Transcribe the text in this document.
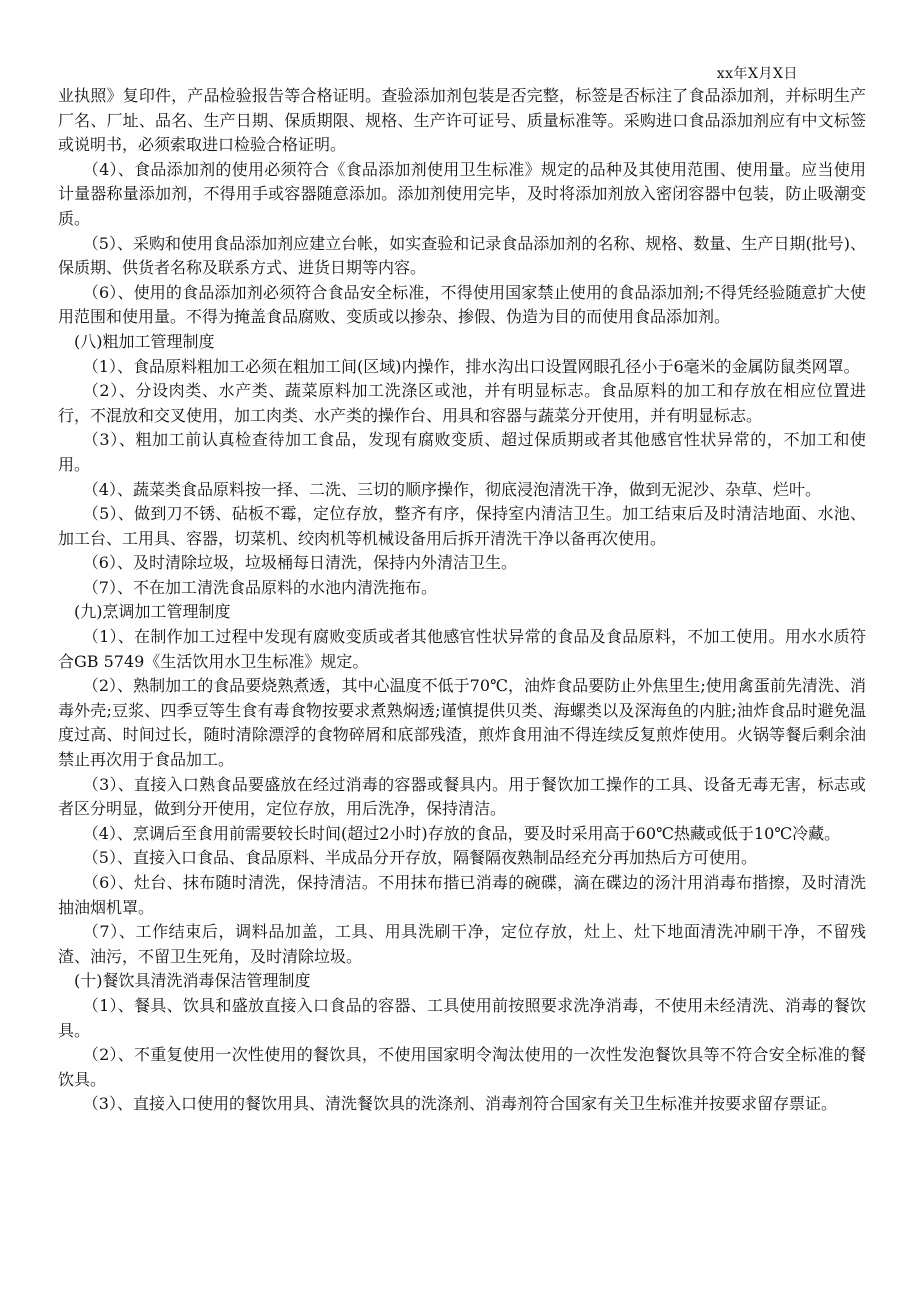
xx年X月X日

业执照》复印件，产品检验报告等合格证明。查验添加剂包装是否完整，标签是否标注了食品添加剂，并标明生产厂名、厂址、品名、生产日期、保质期限、规格、生产许可证号、质量标准等。采购进口食品添加剂应有中文标签或说明书，必须索取进口检验合格证明。

（4）、食品添加剂的使用必须符合《食品添加剂使用卫生标准》规定的品种及其使用范围、使用量。应当使用计量器称量添加剂，不得用手或容器随意添加。添加剂使用完毕，及时将添加剂放入密闭容器中包装，防止吸潮变质。

（5）、采购和使用食品添加剂应建立台帐，如实查验和记录食品添加剂的名称、规格、数量、生产日期(批号)、保质期、供货者名称及联系方式、进货日期等内容。

（6）、使用的食品添加剂必须符合食品安全标准，不得使用国家禁止使用的食品添加剂;不得凭经验随意扩大使用范围和使用量。不得为掩盖食品腐败、变质或以掺杂、掺假、伪造为目的而使用食品添加剂。

(八)粗加工管理制度

（1）、食品原料粗加工必须在粗加工间(区域)内操作，排水沟出口设置网眼孔径小于6毫米的金属防鼠类网罩。

（2）、分设肉类、水产类、蔬菜原料加工洗涤区或池，并有明显标志。食品原料的加工和存放在相应位置进行，不混放和交叉使用，加工肉类、水产类的操作台、用具和容器与蔬菜分开使用，并有明显标志。

（3）、粗加工前认真检查待加工食品，发现有腐败变质、超过保质期或者其他感官性状异常的，不加工和使用。

（4）、蔬菜类食品原料按一择、二洗、三切的顺序操作，彻底浸泡清洗干净，做到无泥沙、杂草、烂叶。

（5）、做到刀不锈、砧板不霉，定位存放，整齐有序，保持室内清洁卫生。加工结束后及时清洁地面、水池、加工台、工用具、容器，切菜机、绞肉机等机械设备用后拆开清洗干净以备再次使用。

（6）、及时清除垃圾，垃圾桶每日清洗，保持内外清洁卫生。

（7）、不在加工清洗食品原料的水池内清洗拖布。

(九)烹调加工管理制度

（1）、在制作加工过程中发现有腐败变质或者其他感官性状异常的食品及食品原料，不加工使用。用水水质符合GB 5749《生活饮用水卫生标准》规定。

（2）、熟制加工的食品要烧熟煮透，其中心温度不低于70℃，油炸食品要防止外焦里生;使用禽蛋前先清洗、消毒外壳;豆浆、四季豆等生食有毒食物按要求煮熟焖透;谨慎提供贝类、海螺类以及深海鱼的内脏;油炸食品时避免温度过高、时间过长，随时清除漂浮的食物碎屑和底部残渣，煎炸食用油不得连续反复煎炸使用。火锅等餐后剩余油禁止再次用于食品加工。

（3）、直接入口熟食品要盛放在经过消毒的容器或餐具内。用于餐饮加工操作的工具、设备无毒无害，标志或者区分明显，做到分开使用，定位存放，用后洗净，保持清洁。

（4）、烹调后至食用前需要较长时间(超过2小时)存放的食品，要及时采用高于60℃热藏或低于10℃冷藏。

（5）、直接入口食品、食品原料、半成品分开存放，隔餐隔夜熟制品经充分再加热后方可使用。

（6）、灶台、抹布随时清洗，保持清洁。不用抹布揩已消毒的碗碟，滴在碟边的汤汁用消毒布揩擦，及时清洗抽油烟机罩。

（7）、工作结束后，调料品加盖，工具、用具洗刷干净，定位存放，灶上、灶下地面清洗冲刷干净，不留残渣、油污，不留卫生死角，及时清除垃圾。

(十)餐饮具清洗消毒保洁管理制度

（1）、餐具、饮具和盛放直接入口食品的容器、工具使用前按照要求洗净消毒，不使用未经清洗、消毒的餐饮具。

（2）、不重复使用一次性使用的餐饮具，不使用国家明令淘汰使用的一次性发泡餐饮具等不符合安全标准的餐饮具。

（3）、直接入口使用的餐饮用具、清洗餐饮具的洗涤剂、消毒剂符合国家有关卫生标准并按要求留存票证。
